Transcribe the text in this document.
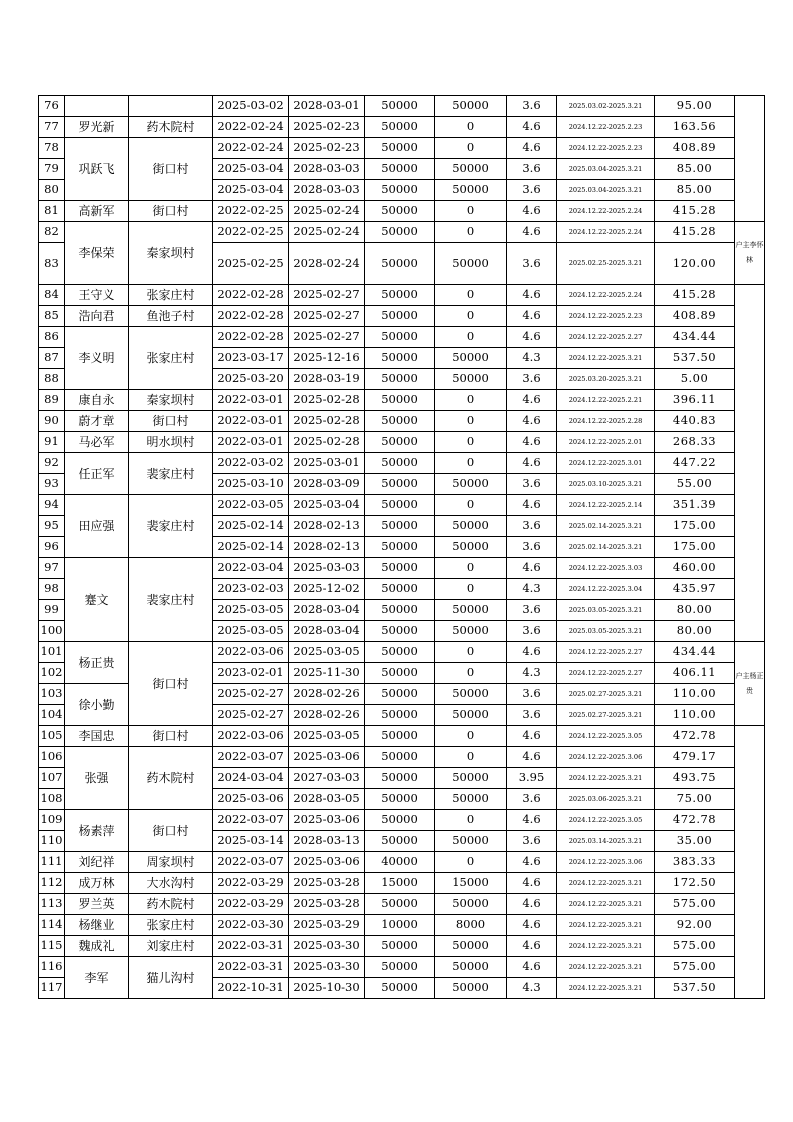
76			2025-03-02	2028-03-01	50000	50000	3.6	2025.03.02-2025.3.21	95.00	
77	罗光新	药木院村	2022-02-24	2025-02-23	50000	0	4.6	2024.12.22-2025.2.23	163.56	
78	巩跃飞	街口村	2022-02-24	2025-02-23	50000	0	4.6	2024.12.22-2025.2.23	408.89	
79			2025-03-04	2028-03-03	50000	50000	3.6	2025.03.04-2025.3.21	85.00	
80			2025-03-04	2028-03-03	50000	50000	3.6	2025.03.04-2025.3.21	85.00	
81	高新军	街口村	2022-02-25	2025-02-24	50000	0	4.6	2024.12.22-2025.2.24	415.28	
82	李保荣	秦家坝村	2022-02-25	2025-02-24	50000	0	4.6	2024.12.22-2025.2.24	415.28	户主李怀林
83			2025-02-25	2028-02-24	50000	50000	3.6	2025.02.25-2025.3.21	120.00	
84	王守义	张家庄村	2022-02-28	2025-02-27	50000	0	4.6	2024.12.22-2025.2.24	415.28	
85	浩向君	鱼池子村	2022-02-28	2025-02-27	50000	0	4.6	2024.12.22-2025.2.23	408.89	
86	李义明	张家庄村	2022-02-28	2025-02-27	50000	0	4.6	2024.12.22-2025.2.27	434.44	
87			2023-03-17	2025-12-16	50000	50000	4.3	2024.12.22-2025.3.21	537.50	
88			2025-03-20	2028-03-19	50000	50000	3.6	2025.03.20-2025.3.21	5.00	
89	康自永	秦家坝村	2022-03-01	2025-02-28	50000	0	4.6	2024.12.22-2025.2.21	396.11	
90	蔚才章	街口村	2022-03-01	2025-02-28	50000	0	4.6	2024.12.22-2025.2.28	440.83	
91	马必军	明水坝村	2022-03-01	2025-02-28	50000	0	4.6	2024.12.22-2025.2.01	268.33	
92	任正军	裴家庄村	2022-03-02	2025-03-01	50000	0	4.6	2024.12.22-2025.3.01	447.22	
93			2025-03-10	2028-03-09	50000	50000	3.6	2025.03.10-2025.3.21	55.00	
94	田应强	裴家庄村	2022-03-05	2025-03-04	50000	0	4.6	2024.12.22-2025.2.14	351.39	
95			2025-02-14	2028-02-13	50000	50000	3.6	2025.02.14-2025.3.21	175.00	
96			2025-02-14	2028-02-13	50000	50000	3.6	2025.02.14-2025.3.21	175.00	
97	蹇文	裴家庄村	2022-03-04	2025-03-03	50000	0	4.6	2024.12.22-2025.3.03	460.00	
98			2023-02-03	2025-12-02	50000	0	4.3	2024.12.22-2025.3.04	435.97	
99			2025-03-05	2028-03-04	50000	50000	3.6	2025.03.05-2025.3.21	80.00	
100			2025-03-05	2028-03-04	50000	50000	3.6	2025.03.05-2025.3.21	80.00	
101	杨正贵	街口村	2022-03-06	2025-03-05	50000	0	4.6	2024.12.22-2025.2.27	434.44	户主杨正贵
102			2023-02-01	2025-11-30	50000	0	4.3	2024.12.22-2025.2.27	406.11	
103	徐小勤		2025-02-27	2028-02-26	50000	50000	3.6	2025.02.27-2025.3.21	110.00	
104			2025-02-27	2028-02-26	50000	50000	3.6	2025.02.27-2025.3.21	110.00	
105	李国忠	街口村	2022-03-06	2025-03-05	50000	0	4.6	2024.12.22-2025.3.05	472.78	
106	张强	药木院村	2022-03-07	2025-03-06	50000	0	4.6	2024.12.22-2025.3.06	479.17	
107			2024-03-04	2027-03-03	50000	50000	3.95	2024.12.22-2025.3.21	493.75	
108			2025-03-06	2028-03-05	50000	50000	3.6	2025.03.06-2025.3.21	75.00	
109	杨素萍	街口村	2022-03-07	2025-03-06	50000	0	4.6	2024.12.22-2025.3.05	472.78	
110			2025-03-14	2028-03-13	50000	50000	3.6	2025.03.14-2025.3.21	35.00	
111	刘纪祥	周家坝村	2022-03-07	2025-03-06	40000	0	4.6	2024.12.22-2025.3.06	383.33	
112	成万林	大水沟村	2022-03-29	2025-03-28	15000	15000	4.6	2024.12.22-2025.3.21	172.50	
113	罗兰英	药木院村	2022-03-29	2025-03-28	50000	50000	4.6	2024.12.22-2025.3.21	575.00	
114	杨继业	张家庄村	2022-03-30	2025-03-29	10000	8000	4.6	2024.12.22-2025.3.21	92.00	
115	魏成礼	刘家庄村	2022-03-31	2025-03-30	50000	50000	4.6	2024.12.22-2025.3.21	575.00	
116	李军	猫儿沟村	2022-03-31	2025-03-30	50000	50000	4.6	2024.12.22-2025.3.21	575.00	
117			2022-10-31	2025-10-30	50000	50000	4.3	2024.12.22-2025.3.21	537.50	
